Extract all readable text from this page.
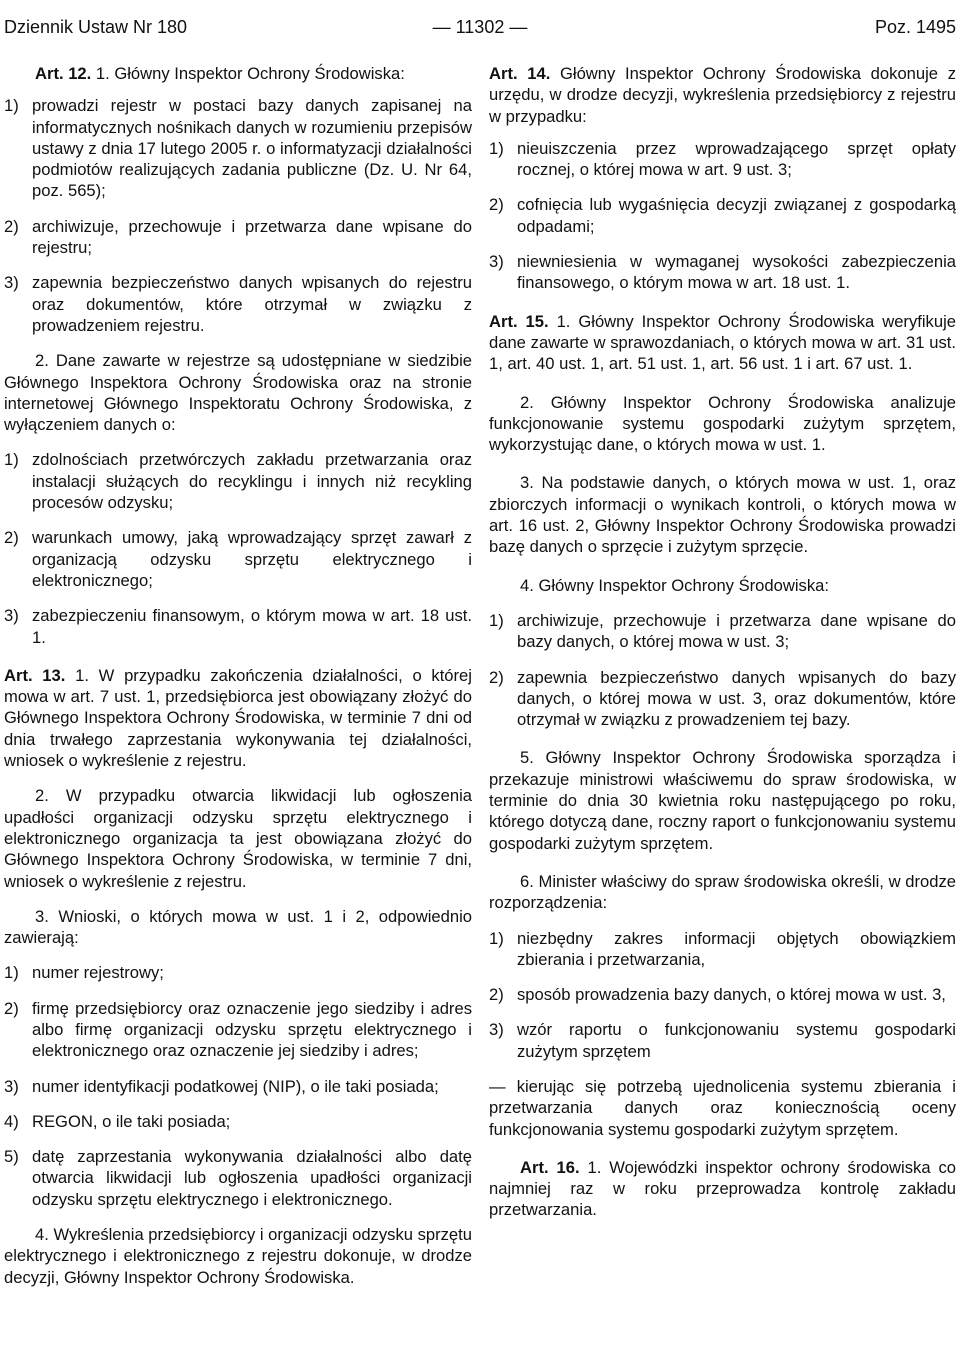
Dziennik Ustaw Nr 180	— 11302 —	Poz. 1495

Art. 12. 1. Główny Inspektor Ochrony Środowiska:

1) prowadzi rejestr w postaci bazy danych zapisanej na informatycznych nośnikach danych w rozumieniu przepisów ustawy z dnia 17 lutego 2005 r. o informatyzacji działalności podmiotów realizujących zadania publiczne (Dz. U. Nr 64, poz. 565);
2) archiwizuje, przechowuje i przetwarza dane wpisane do rejestru;
3) zapewnia bezpieczeństwo danych wpisanych do rejestru oraz dokumentów, które otrzymał w związku z prowadzeniem rejestru.

2. Dane zawarte w rejestrze są udostępniane w siedzibie Głównego Inspektora Ochrony Środowiska oraz na stronie internetowej Głównego Inspektoratu Ochrony Środowiska, z wyłączeniem danych o:

1) zdolnościach przetwórczych zakładu przetwarzania oraz instalacji służących do recyklingu i innych niż recykling procesów odzysku;
2) warunkach umowy, jaką wprowadzający sprzęt zawarł z organizacją odzysku sprzętu elektrycznego i elektronicznego;
3) zabezpieczeniu finansowym, o którym mowa w art. 18 ust. 1.

Art. 13. 1. W przypadku zakończenia działalności, o której mowa w art. 7 ust. 1, przedsiębiorca jest obowiązany złożyć do Głównego Inspektora Ochrony Środowiska, w terminie 7 dni od dnia trwałego zaprzestania wykonywania tej działalności, wniosek o wykreślenie z rejestru.

2. W przypadku otwarcia likwidacji lub ogłoszenia upadłości organizacji odzysku sprzętu elektrycznego i elektronicznego organizacja ta jest obowiązana złożyć do Głównego Inspektora Ochrony Środowiska, w terminie 7 dni, wniosek o wykreślenie z rejestru.

3. Wnioski, o których mowa w ust. 1 i 2, odpowiednio zawierają:

1) numer rejestrowy;
2) firmę przedsiębiorcy oraz oznaczenie jego siedziby i adres albo firmę organizacji odzysku sprzętu elektrycznego i elektronicznego oraz oznaczenie jej siedziby i adres;
3) numer identyfikacji podatkowej (NIP), o ile taki posiada;
4) REGON, o ile taki posiada;
5) datę zaprzestania wykonywania działalności albo datę otwarcia likwidacji lub ogłoszenia upadłości organizacji odzysku sprzętu elektrycznego i elektronicznego.

4. Wykreślenia przedsiębiorcy i organizacji odzysku sprzętu elektrycznego i elektronicznego z rejestru dokonuje, w drodze decyzji, Główny Inspektor Ochrony Środowiska.

Art. 14. Główny Inspektor Ochrony Środowiska dokonuje z urzędu, w drodze decyzji, wykreślenia przedsiębiorcy z rejestru w przypadku:

1) nieuiszczenia przez wprowadzającego sprzęt opłaty rocznej, o której mowa w art. 9 ust. 3;
2) cofnięcia lub wygaśnięcia decyzji związanej z gospodarką odpadami;
3) niewniesienia w wymaganej wysokości zabezpieczenia finansowego, o którym mowa w art. 18 ust. 1.

Art. 15. 1. Główny Inspektor Ochrony Środowiska weryfikuje dane zawarte w sprawozdaniach, o których mowa w art. 31 ust. 1, art. 40 ust. 1, art. 51 ust. 1, art. 56 ust. 1 i art. 67 ust. 1.

2. Główny Inspektor Ochrony Środowiska analizuje funkcjonowanie systemu gospodarki zużytym sprzętem, wykorzystując dane, o których mowa w ust. 1.

3. Na podstawie danych, o których mowa w ust. 1, oraz zbiorczych informacji o wynikach kontroli, o których mowa w art. 16 ust. 2, Główny Inspektor Ochrony Środowiska prowadzi bazę danych o sprzęcie i zużytym sprzęcie.

4. Główny Inspektor Ochrony Środowiska:

1) archiwizuje, przechowuje i przetwarza dane wpisane do bazy danych, o której mowa w ust. 3;
2) zapewnia bezpieczeństwo danych wpisanych do bazy danych, o której mowa w ust. 3, oraz dokumentów, które otrzymał w związku z prowadzeniem tej bazy.

5. Główny Inspektor Ochrony Środowiska sporządza i przekazuje ministrowi właściwemu do spraw środowiska, w terminie do dnia 30 kwietnia roku następującego po roku, którego dotyczą dane, roczny raport o funkcjonowaniu systemu gospodarki zużytym sprzętem.

6. Minister właściwy do spraw środowiska określi, w drodze rozporządzenia:

1) niezbędny zakres informacji objętych obowiązkiem zbierania i przetwarzania,
2) sposób prowadzenia bazy danych, o której mowa w ust. 3,
3) wzór raportu o funkcjonowaniu systemu gospodarki zużytym sprzętem

— kierując się potrzebą ujednolicenia systemu zbierania i przetwarzania danych oraz koniecznością oceny funkcjonowania systemu gospodarki zużytym sprzętem.

Art. 16. 1. Wojewódzki inspektor ochrony środowiska co najmniej raz w roku przeprowadza kontrolę zakładu przetwarzania.
